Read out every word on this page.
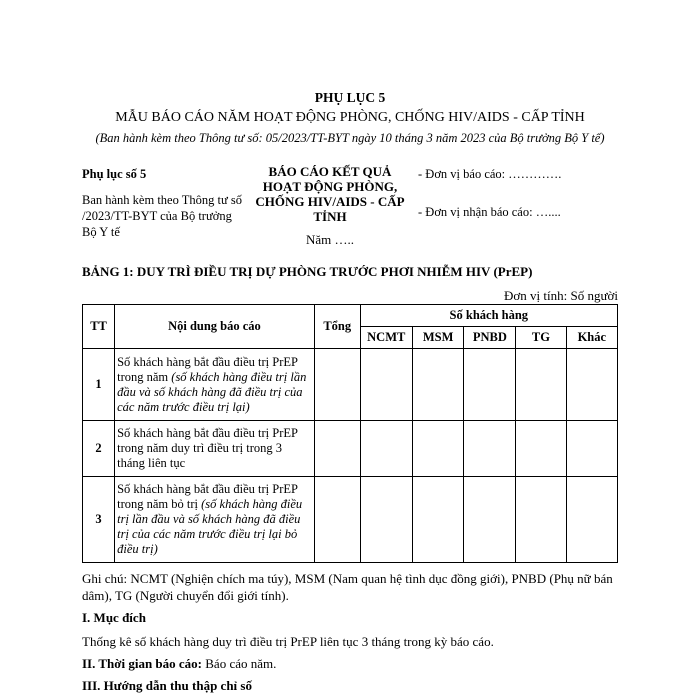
PHỤ LỤC 5
MẪU BÁO CÁO NĂM HOẠT ĐỘNG PHÒNG, CHỐNG HIV/AIDS - CẤP TỈNH
(Ban hành kèm theo Thông tư số: 05/2023/TT-BYT ngày 10 tháng 3 năm 2023 của Bộ trưởng Bộ Y tế)
Phụ lục số 5
Ban hành kèm theo Thông tư số /2023/TT-BYT của Bộ trưởng Bộ Y tế
BÁO CÁO KẾT QUẢ HOẠT ĐỘNG PHÒNG, CHỐNG HIV/AIDS - CẤP TỈNH
Năm …..
- Đơn vị báo cáo: ………….
- Đơn vị nhận báo cáo: …....
BẢNG 1: DUY TRÌ ĐIỀU TRỊ DỰ PHÒNG TRƯỚC PHƠI NHIỄM HIV (PrEP)
Đơn vị tính: Số người
TT	Nội dung báo cáo	Tổng	Số khách hàng				
			NCMT	MSM	PNBD	TG	Khác
1	Số khách hàng bắt đầu điều trị PrEP trong năm (số khách hàng điều trị lần đầu và số khách hàng đã điều trị của các năm trước điều trị lại)						
2	Số khách hàng bắt đầu điều trị PrEP trong năm duy trì điều trị trong 3 tháng liên tục						
3	Số khách hàng bắt đầu điều trị PrEP trong năm bỏ trị (số khách hàng điều trị lần đầu và số khách hàng đã điều trị của các năm trước điều trị lại bỏ điều trị)						
Ghi chú: NCMT (Nghiện chích ma túy), MSM (Nam quan hệ tình dục đồng giới), PNBD (Phụ nữ bán dâm), TG (Người chuyển đổi giới tính).
I. Mục đích
Thống kê số khách hàng duy trì điều trị PrEP liên tục 3 tháng trong kỳ báo cáo.
II. Thời gian báo cáo: Báo cáo năm.
III. Hướng dẫn thu thập chỉ số
